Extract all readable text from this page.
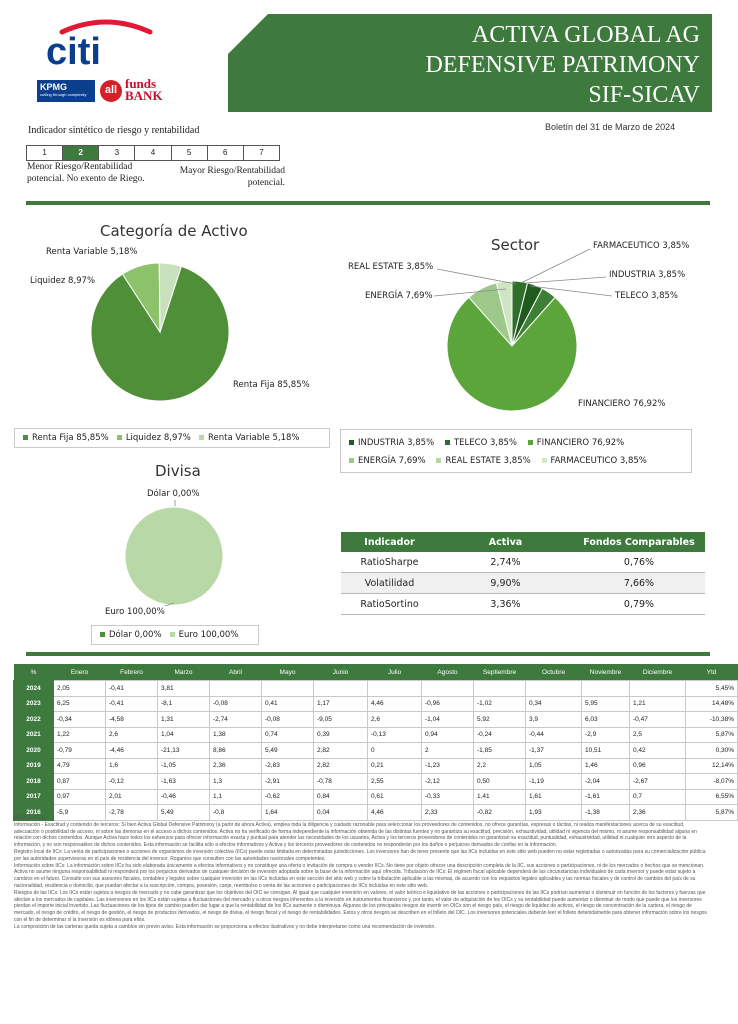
citi
KPMG
cutting through complexity	all funds
BANK
ACTIVA GLOBAL AG
DEFENSIVE PATRIMONY
SIF-SICAV
Indicador sintético de riesgo y rentabilidad
1	2	3	4	5	6	7
Menor Riesgo/Rentabilidad potencial. No exento de Riego.
Mayor Riesgo/Rentabilidad potencial.
Boletín del 31 de Marzo de 2024
Categoría de Activo
Renta Variable 5,18%
Liquidez 8,97%
Renta Fija 85,85%
Renta Fija 85,85% Liquidez 8,97% Renta Variable 5,18%
Sector	FARMACEUTICO 3,85%
REAL ESTATE 3,85%
INDUSTRIA 3,85%
ENERGÍA 7,69%	TELECO 3,85%
FINANCIERO 76,92%
INDUSTRIA 3,85% TELECO 3,85% FINANCIERO 76,92%
ENERGÍA 7,69% REAL ESTATE 3,85% FARMACEUTICO 3,85%
Divisa
Dólar 0,00%
Euro 100,00%
Dólar 0,00% Euro 100,00%
Indicador	Activa	Fondos Comparables
RatioSharpe	2,74%	0,76%
Volatilidad	9,90%	7,66%
RatioSortino	3,36%	0,79%
%	Enero	Febrero	Marzo	Abril	Mayo	Junio	Julio	Agosto	Septiembre	Octubre	Noviembre	Diciembre	Ytd
2024	2,05	-0,41	3,81										5,45%
2023	6,25	-0,41	-8,1	-0,08	0,41	1,17	4,46	-0,96	-1,02	0,34	5,95	1,21	14,48%
2022	-0,34	-4,58	1,31	-2,74	-0,08	-9,05	2,6	-1,04	5,92	3,9	6,03	-0,47	-10,38%
2021	1,22	2,6	1,04	1,38	0,74	0,39	-0,13	0,94	-0,24	-0,44	-2,9	2,5	5,87%
2020	-0,79	-4,46	-21,13	8,86	5,49	2,82	0	2	-1,85	-1,37	10,51	0,42	0,30%
2019	4,79	1,6	-1,05	2,36	-2,83	2,82	0,21	-1,23	2,2	1,05	1,46	0,96	12,14%
2018	0,87	-0,12	-1,63	1,3	-2,91	-0,78	2,55	-2,12	0,50	-1,19	-2,04	-2,67	-8,07%
2017	0,97	2,01	-0,46	1,1	-0,62	0,84	0,61	-0,33	1,41	1,61	-1,61	0,7	6,55%
2016	-5,9	-2,78	5,49	-0,8	1,64	0,04	4,46	2,33	-0,82	1,93	-1,38	2,36	5,87%

AVISO LEGAL

Información - Exactitud y contenido de terceros: Si bien Activa Global Defensive Patrimony (a partir de ahora Activa), emplea toda la diligencia y cuidado razonable para seleccionar los proveedores de contenidos, no ofrece garantías, expresas o tácitas, ni realiza manifestaciones acerca de su exactitud, adecuación o posibilidad de acceso, ni sobre las demoras en el acceso a dichos contenidos. Activa no ha verificado de forma independiente la información obtenida de las distintas fuentes y no garantiza su exactitud, precisión, exhaustividad, utilidad ni vigencia del mismo, ni asume responsabilidad alguna en relación con dichos contenidos. Aunque Activa hace todos los esfuerzos para ofrecer información exacta y puntual para atender las necesidades de los usuarios, Activa y los terceros proveedores de contenidos no garantizan su exactitud, puntualidad, exhaustividad, utilidad ni cualquier otro aspecto de la información, y no son responsables de dichos contenidos. Esta información se facilita sólo a efectos informativos y Activa y los terceros proveedores de contenidos no responderán por los daños o perjuicios derivados de confiar en la información.

Registro local de IICs: La venta de participaciones o acciones de organismos de inversión colectiva (IICs) puede estar limitada en determinadas jurisdicciones. Los inversores han de tener presente que las IICs incluidas en este sitio web pueden no estar registradas o autorizadas para su comercialización pública por las autoridades supervisoras en el país de residencia del inversor. Rogamos que consulten con las autoridades nacionales competentes.

Información sobre IICs: La información sobre IICs ha sido elaborada únicamente a efectos informativos y no constituye una oferta o invitación de compra o vender IICs. No tiene por objeto ofrecer una descripción completa de la IIC, sus acciones o participaciones, ni de los mercados o hechos que se mencionan. Activa no asume ninguna responsabilidad ni responderá por los perjuicios derivados de cualquier decisión de inversión adoptada sobre la base de la información aquí ofrecida. Tributación de IICs: El régimen fiscal aplicable dependerá de las circunstancias individuales de cada inversor y puede estar sujeto a cambios en el futuro. Consulte con sus asesores fiscales, contables y legales sobre cualquier inversión en las IICs incluidas en este sección del sitio web y sobre la tributación aplicable a las mismas, de acuerdo con los requisitos legales aplicables y las normas fiscales y de control de cambios del país de su nacionalidad, residencia o domicilio, que puedan afectar a la suscripción, compra, posesión, canje, reembolso o venta de las acciones o participaciones de IICs incluidas en este sitio web.

Riesgos de las IICs: Los IICs están sujetos a riesgos de mercado y no cabe garantizar que los objetivos del OIC se consigan. Al igual que cualquier inversión en valores, el valor teórico e liquidativo de las acciones o participaciones de las IICs podrían aumentar o disminuir en función de los factores y fuerzas que afectan a los mercados de capitales. Las inversiones en los IICs están sujetas a fluctuaciones del mercado y a otros riesgos inherentes a la inversión en instrumentos financieros y, por tanto, el valor de adquisición de los OICs y su rentabilidad puede aumentar o disminuir de modo que puede que los inversores pierdan el importe inicial invertido. Las fluctuaciones de los tipos de cambio pueden dar lugar a que la rentabilidad de los IICs aumente o disminuya. Algunos de los principales riesgos de invertir en OICs son el riesgo país, el riesgo de liquidez de activos, el riesgo de concentración de la cartera, el riesgo de mercado, el riesgo de crédito, el riesgo de gestión, el riesgo de productos derivados, el riesgo de divisa, el riesgo fiscal y el riesgo de rentabilidades. Estos y otros riesgos se describen en el folleto del OIC. Los inversores potenciales deberán leer el folleto detenidamente para obtener información sobre los riesgos con el fin de determinar si la inversión es idónea para ellos.

La composición de las carteras queda sujeta a cambios sin previo aviso. Esta información se proporciona a efectos ilustrativos y no debe interpretarse como una recomendación de inversión.
